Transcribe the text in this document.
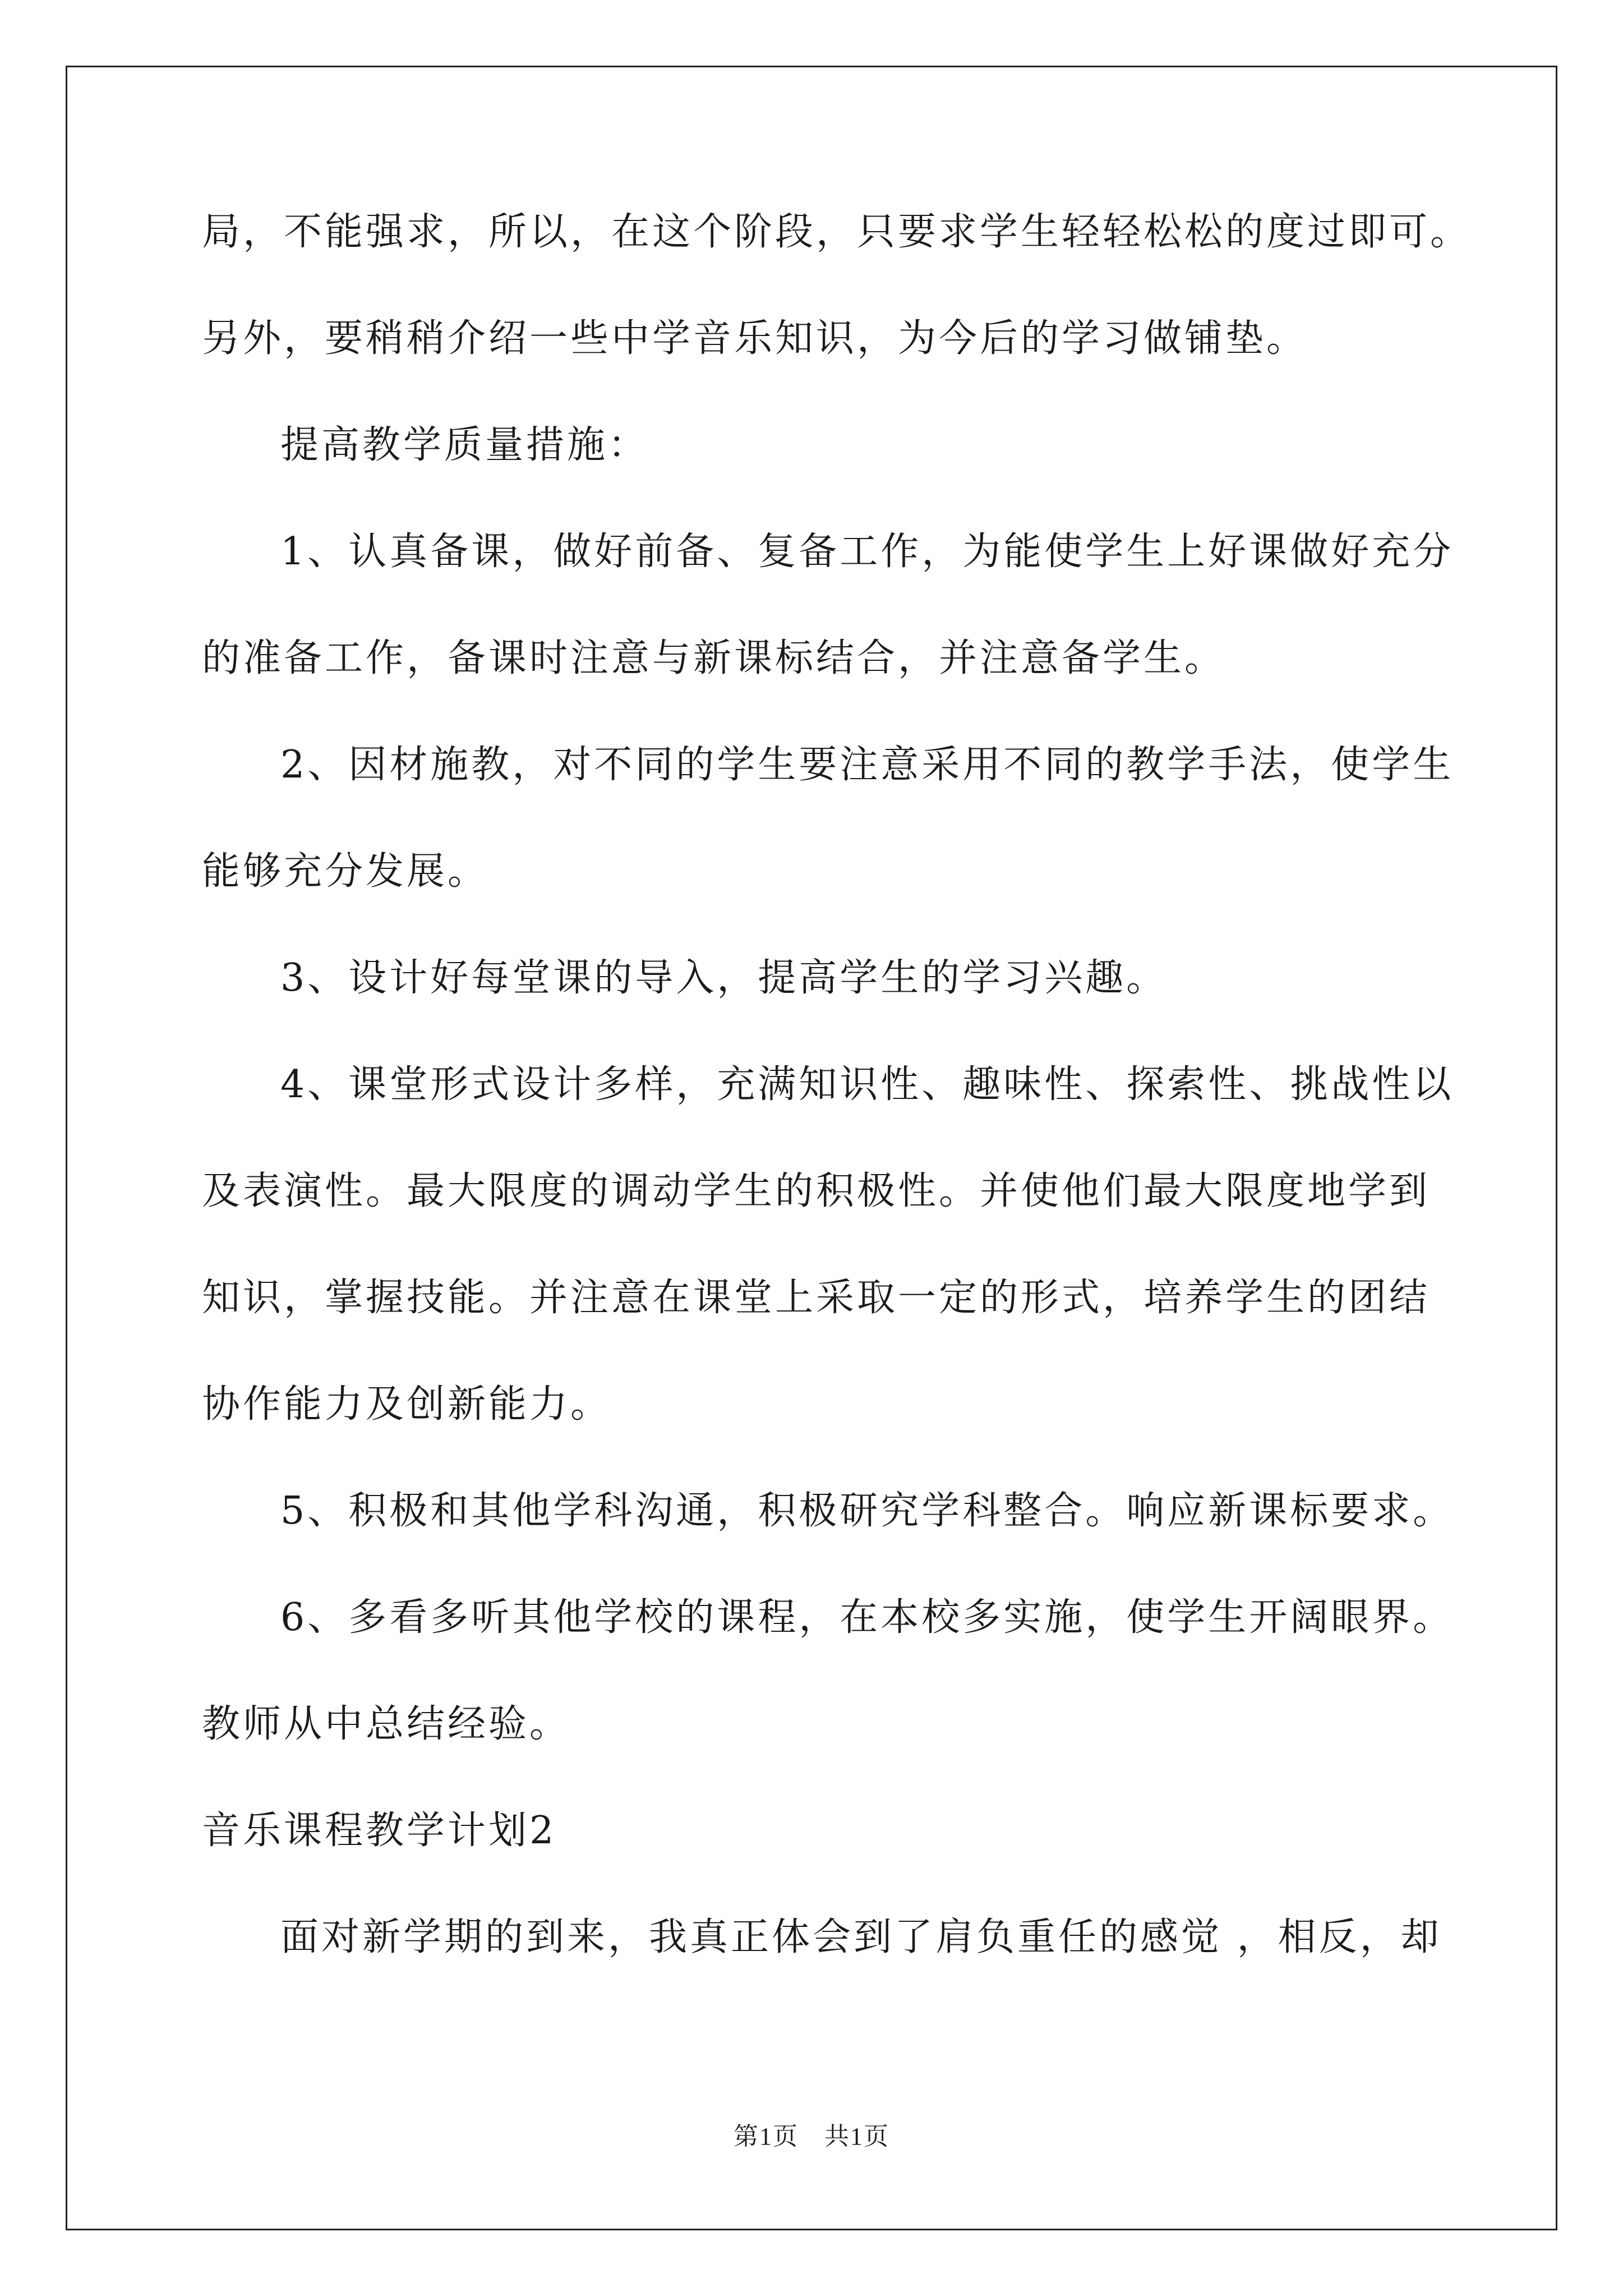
局，不能强求，所以，在这个阶段，只要求学生轻轻松松的度过即可。
另外，要稍稍介绍一些中学音乐知识，为今后的学习做铺垫。
提高教学质量措施：
1、认真备课，做好前备、复备工作，为能使学生上好课做好充分
的准备工作，备课时注意与新课标结合，并注意备学生。
2、因材施教，对不同的学生要注意采用不同的教学手法，使学生
能够充分发展。
3、设计好每堂课的导入，提高学生的学习兴趣。
4、课堂形式设计多样，充满知识性、趣味性、探索性、挑战性以
及表演性。最大限度的调动学生的积极性。并使他们最大限度地学到
知识，掌握技能。并注意在课堂上采取一定的形式，培养学生的团结
协作能力及创新能力。
5、积极和其他学科沟通，积极研究学科整合。响应新课标要求。
6、多看多听其他学校的课程，在本校多实施，使学生开阔眼界。
教师从中总结经验。
音乐课程教学计划2
面对新学期的到来，我真正体会到了肩负重任的感觉 ，相反，却
第1页　共1页
